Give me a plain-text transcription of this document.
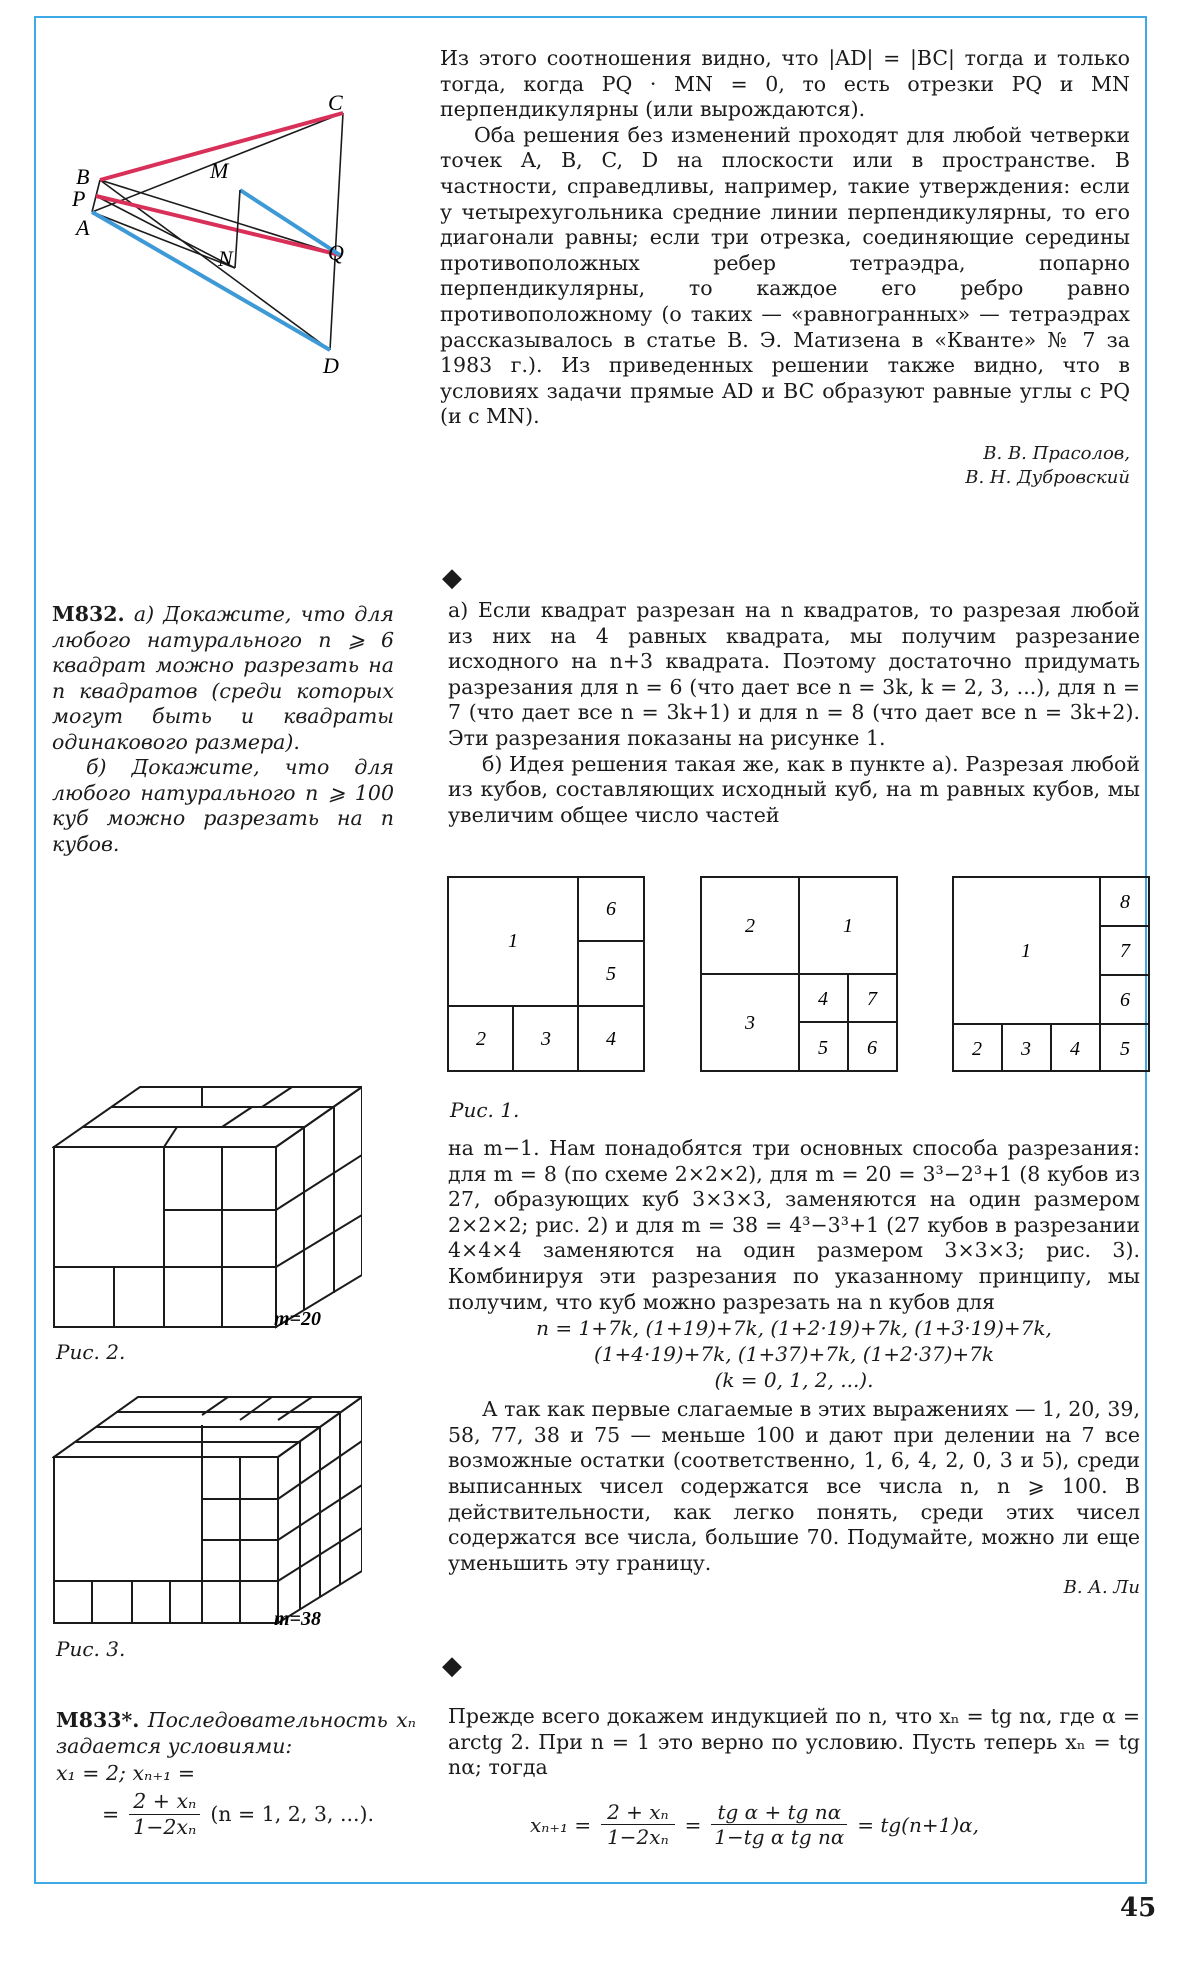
B
P
A
M
N
C
Q
D

Из этого соотношения видно, что |AD| = |BC| тогда и только тогда, когда PQ · MN = 0, то есть отрезки PQ и MN перпендикулярны (или вырождаются).

Оба решения без изменений проходят для любой четверки точек A, B, C, D на плоскости или в пространстве. В частности, справедливы, например, такие утверждения: если у четырехугольника средние линии перпендикулярны, то его диагонали равны; если три отрезка, соединяющие середины противоположных ребер тетраэдра, попарно перпендикулярны, то каждое его ребро равно противоположному (о таких — «равногранных» — тетраэдрах рассказывалось в статье В. Э. Матизена в «Кванте» № 7 за 1983 г.). Из приведенных решении также видно, что в условиях задачи прямые AD и BC образуют равные углы с PQ (и с MN).

В. В. Прасолов,
В. Н. Дубровский
◆
◆
M832. а) Докажите, что для любого натурального n ⩾ 6 квадрат можно разрезать на n квадратов (среди которых могут быть и квадраты одинакового размера).
б) Докажите, что для любого натурального n ⩾ 100 куб можно разрезать на n кубов.

а) Если квадрат разрезан на n квадратов, то разрезая любой из них на 4 равных квадрата, мы получим разрезание исходного на n+3 квадрата. Поэтому достаточно придумать разрезания для n = 6 (что дает все n = 3k, k = 2, 3, ...), для n = 7 (что дает все n = 3k+1) и для n = 8 (что дает все n = 3k+2). Эти разрезания показаны на рисунке 1.

б) Идея решения такая же, как в пункте а). Разрезая любой из кубов, составляющих исходный куб, на m равных кубов, мы увеличим общее число частей

1
6
5
2	3	4
2	1
3
4 7
5 6
1
8
7
6
2 3 4 5
Рис. 1.

на m−1. Нам понадобятся три основных способа разрезания: для m = 8 (по схеме 2×2×2), для m = 20 = 3³−2³+1 (8 кубов из 27, образующих куб 3×3×3, заменяются на один размером 2×2×2; рис. 2) и для m = 38 = 4³−3³+1 (27 кубов в разрезании 4×4×4 заменяются на один размером 3×3×3; рис. 3). Комбинируя эти разрезания по указанному принципу, мы получим, что куб можно разрезать на n кубов для

n = 1+7k, (1+19)+7k, (1+2·19)+7k, (1+3·19)+7k,
(1+4·19)+7k, (1+37)+7k, (1+2·37)+7k
(k = 0, 1, 2, ...).

А так как первые слагаемые в этих выражениях — 1, 20, 39, 58, 77, 38 и 75 — меньше 100 и дают при делении на 7 все возможные остатки (соответственно, 1, 6, 4, 2, 0, 3 и 5), среди выписанных чисел содержатся все числа n, n ⩾ 100. В действительности, как легко понять, среди этих чисел содержатся все числа, большие 70. Подумайте, можно ли еще уменьшить эту границу.

В. А. Ли
m=20
Рис. 2.
m=38
Рис. 3.
M833*. Последовательность xₙ задается условиями:
x₁ = 2; xₙ₊₁ =
= $\frac{\text{2 + xₙ}}{\text{1−2xₙ}} (n = 1$, 2, 3, ...).

Прежде всего докажем индукцией по n, что xₙ = tg nα, где α = arctg 2. При n = 1 это верно по условию. Пусть теперь xₙ = tg nα; тогда

$x_{n+1} = \frac{\text{2 + xₙ}}{\text{1−2xₙ}} = \frac{\text{tg α + tg nα}}{\text{1−tg α tg nα}} = tg(n+1)\alpha$,
45
